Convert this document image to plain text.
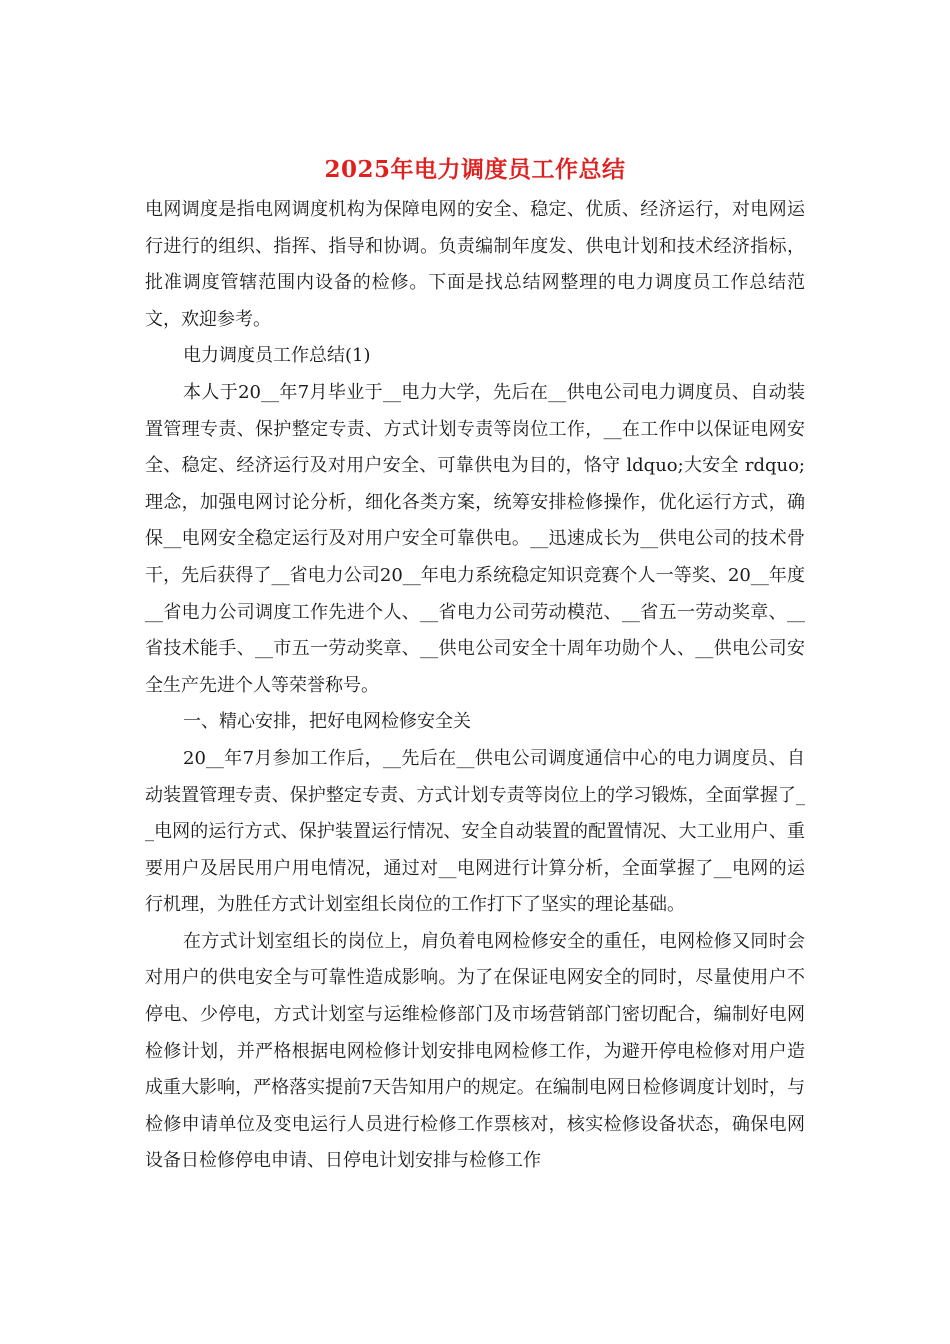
2025年电力调度员工作总结

电网调度是指电网调度机构为保障电网的安全、稳定、优质、经济运行，对电网运行进行的组织、指挥、指导和协调。负责编制年度发、供电计划和技术经济指标，批准调度管辖范围内设备的检修。下面是找总结网整理的电力调度员工作总结范文，欢迎参考。

电力调度员工作总结(1)

本人于20__年7月毕业于__电力大学，先后在__供电公司电力调度员、自动装置管理专责、保护整定专责、方式计划专责等岗位工作，__在工作中以保证电网安全、稳定、经济运行及对用户安全、可靠供电为目的，恪守 ldquo;大安全 rdquo;理念，加强电网讨论分析，细化各类方案，统筹安排检修操作，优化运行方式，确保__电网安全稳定运行及对用户安全可靠供电。__迅速成长为__供电公司的技术骨干，先后获得了__省电力公司20__年电力系统稳定知识竞赛个人一等奖、20__年度__省电力公司调度工作先进个人、__省电力公司劳动模范、__省五一劳动奖章、__省技术能手、__市五一劳动奖章、__供电公司安全十周年功勋个人、__供电公司安全生产先进个人等荣誉称号。

一、精心安排，把好电网检修安全关

20__年7月参加工作后，__先后在__供电公司调度通信中心的电力调度员、自动装置管理专责、保护整定专责、方式计划专责等岗位上的学习锻炼，全面掌握了__电网的运行方式、保护装置运行情况、安全自动装置的配置情况、大工业用户、重要用户及居民用户用电情况，通过对__电网进行计算分析，全面掌握了__电网的运行机理，为胜任方式计划室组长岗位的工作打下了坚实的理论基础。

在方式计划室组长的岗位上，肩负着电网检修安全的重任，电网检修又同时会对用户的供电安全与可靠性造成影响。为了在保证电网安全的同时，尽量使用户不停电、少停电，方式计划室与运维检修部门及市场营销部门密切配合，编制好电网检修计划，并严格根据电网检修计划安排电网检修工作，为避开停电检修对用户造成重大影响，严格落实提前7天告知用户的规定。在编制电网日检修调度计划时，与检修申请单位及变电运行人员进行检修工作票核对，核实检修设备状态，确保电网设备日检修停电申请、日停电计划安排与检修工作
